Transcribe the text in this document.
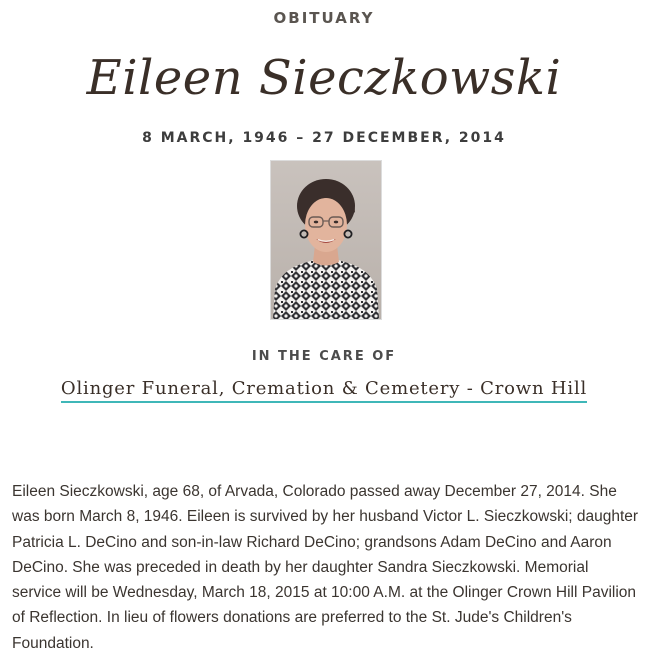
OBITUARY
Eileen Sieczkowski
8 MARCH, 1946 – 27 DECEMBER, 2014
IN THE CARE OF
Olinger Funeral, Cremation & Cemetery - Crown Hill

Eileen Sieczkowski, age 68, of Arvada, Colorado passed away December 27, 2014. She was born March 8, 1946. Eileen is survived by her husband Victor L. Sieczkowski; daughter Patricia L. DeCino and son-in-law Richard DeCino; grandsons Adam DeCino and Aaron DeCino. She was preceded in death by her daughter Sandra Sieczkowski. Memorial service will be Wednesday, March 18, 2015 at 10:00 A.M. at the Olinger Crown Hill Pavilion of Reflection. In lieu of flowers donations are preferred to the St. Jude's Children's Foundation.
